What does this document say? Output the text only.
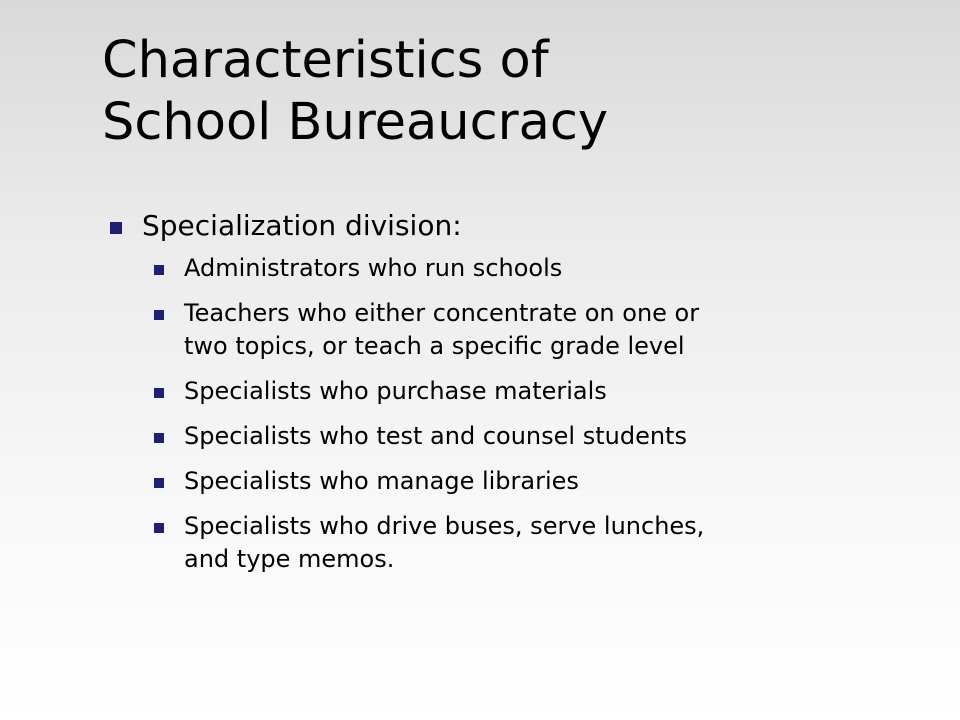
Characteristics of
School Bureaucracy
Specialization division:
Administrators who run schools
Teachers who either concentrate on one or
two topics, or teach a specific grade level
Specialists who purchase materials
Specialists who test and counsel students
Specialists who manage libraries
Specialists who drive buses, serve lunches,
and type memos.
